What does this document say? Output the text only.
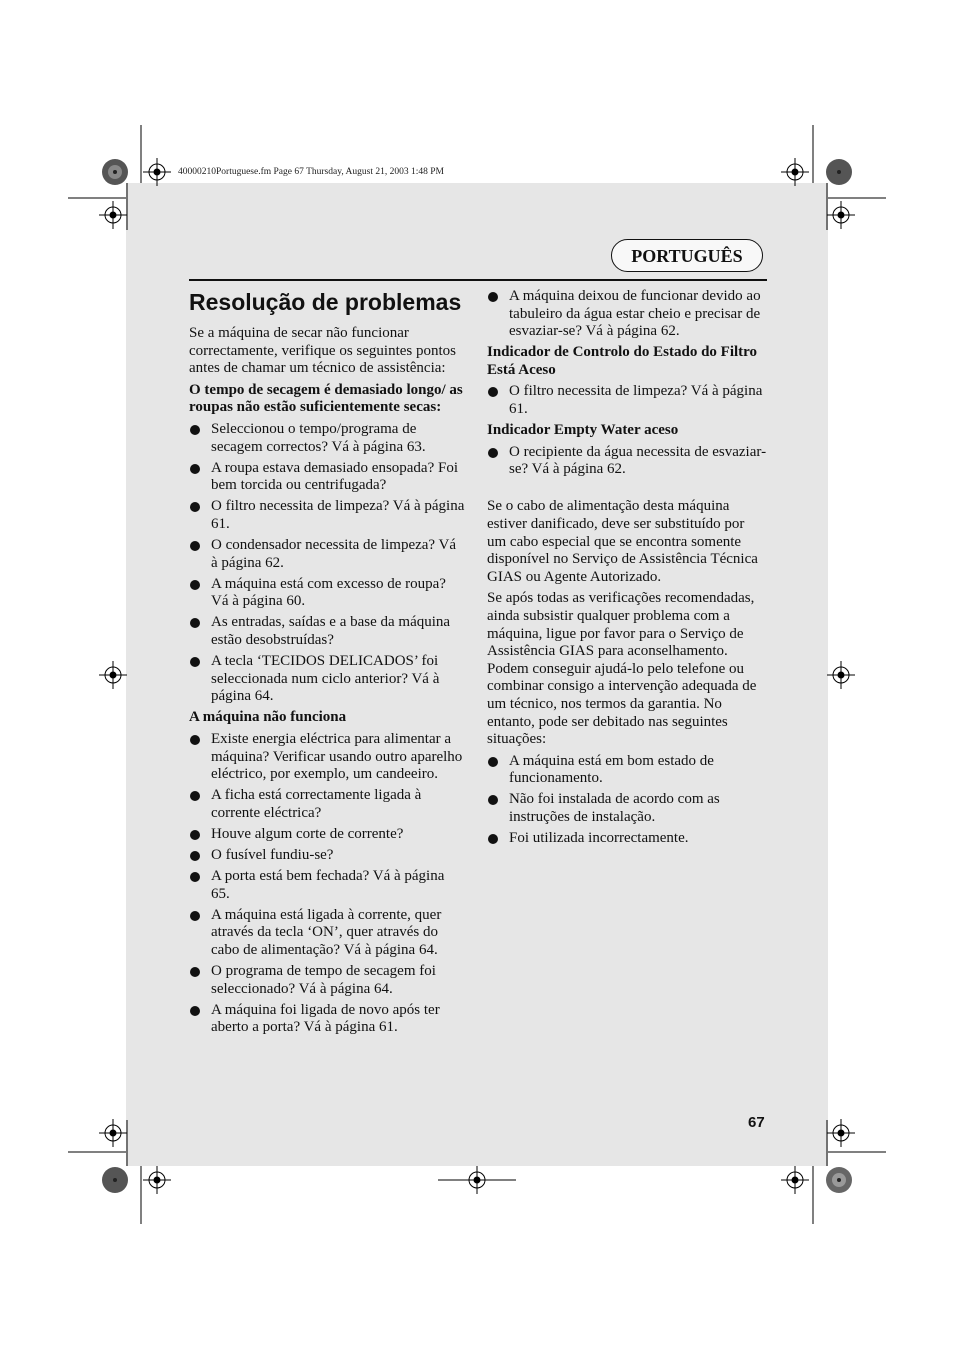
40000210Portuguese.fm Page 67 Thursday, August 21, 2003 1:48 PM
PORTUGUÊS
Resolução de problemas

Se a máquina de secar não funcionar correctamente, verifique os seguintes pontos antes de chamar um técnico de assistência:

O tempo de secagem é demasiado longo/ as roupas não estão suficientemente secas:

Seleccionou o tempo/programa de secagem correctos? Vá à página 63.
A roupa estava demasiado ensopada? Foi bem torcida ou centrifugada?
O filtro necessita de limpeza? Vá à página 61.
O condensador necessita de limpeza? Vá à página 62.
A máquina está com excesso de roupa? Vá à página 60.
As entradas, saídas e a base da máquina estão desobstruídas?
A tecla ‘TECIDOS DELICADOS’ foi seleccionada num ciclo anterior? Vá à página 64.

A máquina não funciona

Existe energia eléctrica para alimentar a máquina? Verificar usando outro aparelho eléctrico, por exemplo, um candeeiro.
A ficha está correctamente ligada à corrente eléctrica?
Houve algum corte de corrente?
O fusível fundiu-se?
A porta está bem fechada? Vá à página 65.
A máquina está ligada à corrente, quer através da tecla ‘ON’, quer através do cabo de alimentação? Vá à página 64.
O programa de tempo de secagem foi seleccionado? Vá à página 64.
A máquina foi ligada de novo após ter aberto a porta? Vá à página 61.
A máquina deixou de funcionar devido ao tabuleiro da água estar cheio e precisar de esvaziar-se? Vá à página 62.

Indicador de Controlo do Estado do Filtro Está Aceso

O filtro necessita de limpeza? Vá à página 61.

Indicador Empty Water aceso

O recipiente da água necessita de esvaziar-se? Vá à página 62.

Se o cabo de alimentação desta máquina estiver danificado, deve ser substituído por um cabo especial que se encontra somente disponível no Serviço de Assistência Técnica GIAS ou Agente Autorizado.

Se após todas as verificações recomendadas, ainda subsistir qualquer problema com a máquina, ligue por favor para o Serviço de Assistência GIAS para aconselhamento. Podem conseguir ajudá-lo pelo telefone ou combinar consigo a intervenção adequada de um técnico, nos termos da garantia. No entanto, pode ser debitado nas seguintes situações:

A máquina está em bom estado de funcionamento.
Não foi instalada de acordo com as instruções de instalação.
Foi utilizada incorrectamente.
67
